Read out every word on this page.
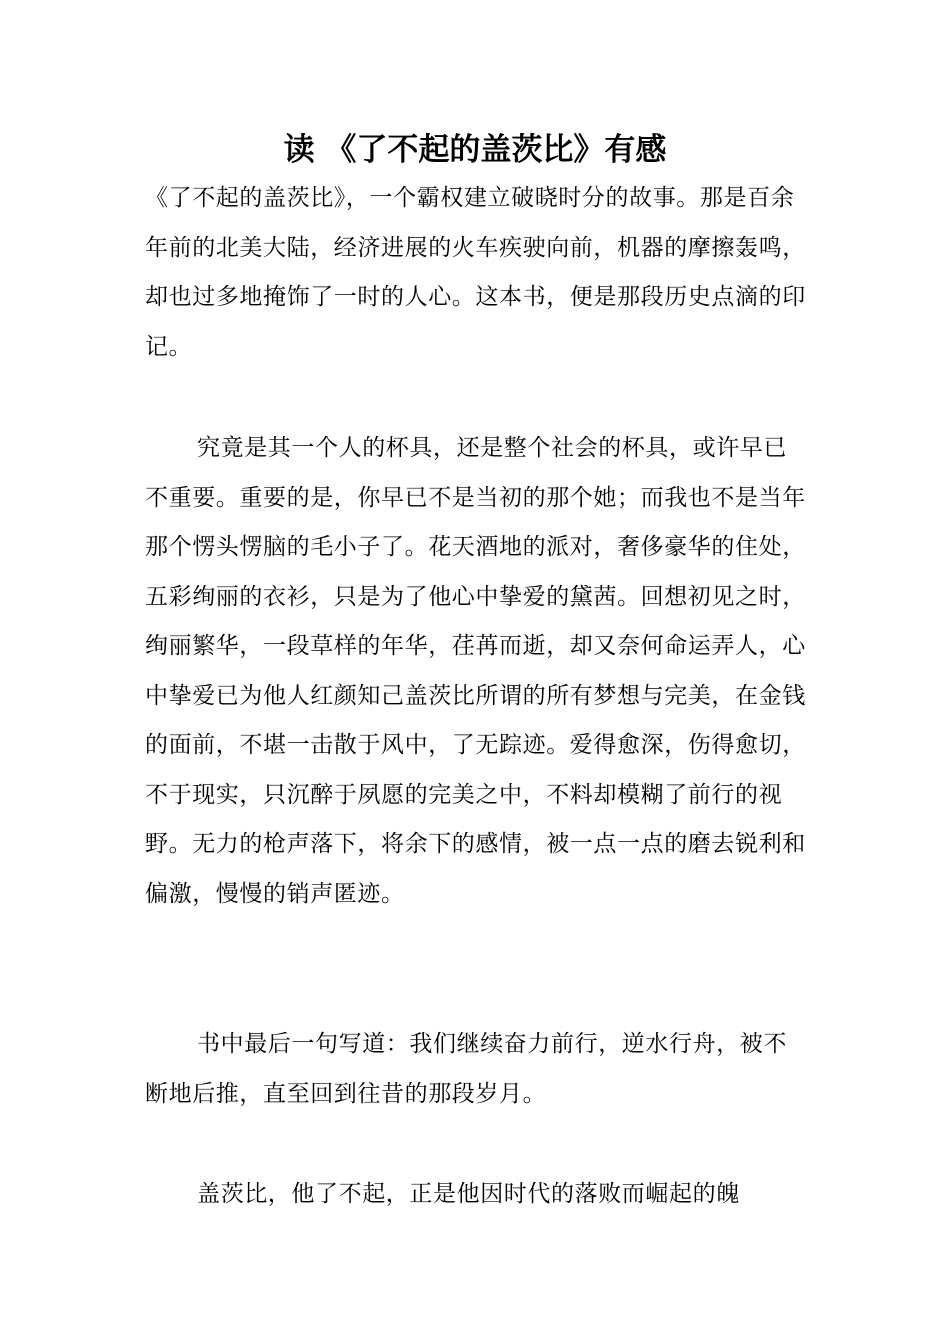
读 《了不起的盖茨比》有感

《了不起的盖茨比》，一个霸权建立破晓时分的故事。那是百余年前的北美大陆，经济进展的火车疾驶向前，机器的摩擦轰鸣，却也过多地掩饰了一时的人心。这本书，便是那段历史点滴的印记。

究竟是其一个人的杯具，还是整个社会的杯具，或许早已不重要。重要的是，你早已不是当初的那个她；而我也不是当年那个愣头愣脑的毛小子了。花天酒地的派对，奢侈豪华的住处，五彩绚丽的衣衫，只是为了他心中挚爱的黛茜。回想初见之时，绚丽繁华，一段草样的年华，荏苒而逝，却又奈何命运弄人，心中挚爱已为他人红颜知己盖茨比所谓的所有梦想与完美，在金钱的面前，不堪一击散于风中，了无踪迹。爱得愈深，伤得愈切，不于现实，只沉醉于夙愿的完美之中，不料却模糊了前行的视野。无力的枪声落下，将余下的感情，被一点一点的磨去锐利和偏激，慢慢的销声匿迹。

书中最后一句写道：我们继续奋力前行，逆水行舟，被不断地后推，直至回到往昔的那段岁月。

盖茨比，他了不起，正是他因时代的落败而崛起的魄
